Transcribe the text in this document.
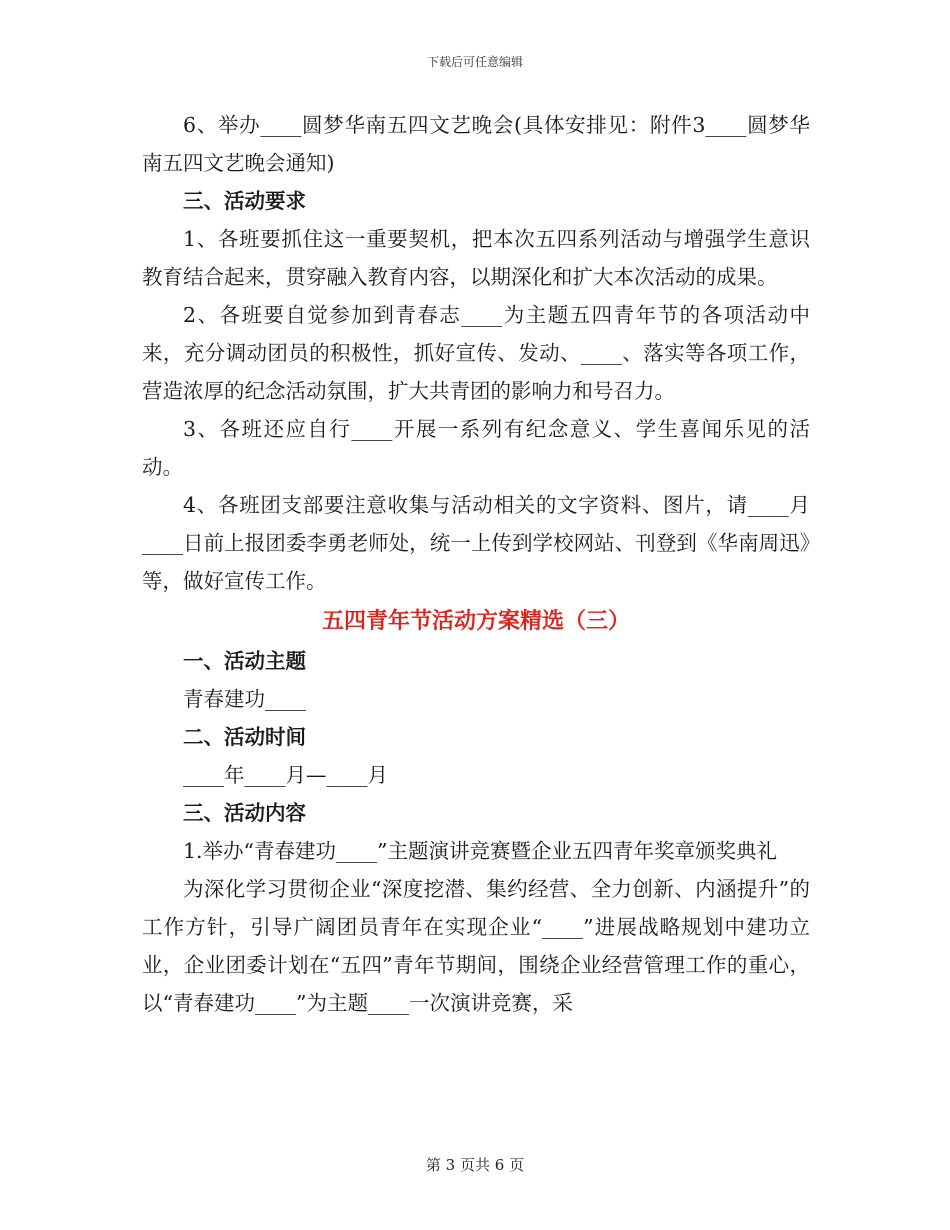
下载后可任意编辑

6、举办____圆梦华南五四文艺晚会(具体安排见：附件3____圆梦华南五四文艺晚会通知)

三、活动要求

1、各班要抓住这一重要契机，把本次五四系列活动与增强学生意识教育结合起来，贯穿融入教育内容，以期深化和扩大本次活动的成果。

2、各班要自觉参加到青春志____为主题五四青年节的各项活动中来，充分调动团员的积极性，抓好宣传、发动、____、落实等各项工作，营造浓厚的纪念活动氛围，扩大共青团的影响力和号召力。

3、各班还应自行____开展一系列有纪念意义、学生喜闻乐见的活动。

4、各班团支部要注意收集与活动相关的文字资料、图片，请____月____日前上报团委李勇老师处，统一上传到学校网站、刊登到《华南周迅》等，做好宣传工作。

五四青年节活动方案精选（三）

一、活动主题

青春建功____

二、活动时间

____年____月—____月

三、活动内容

1.举办“青春建功____”主题演讲竞赛暨企业五四青年奖章颁奖典礼

为深化学习贯彻企业“深度挖潜、集约经营、全力创新、内涵提升”的工作方针，引导广阔团员青年在实现企业“____”进展战略规划中建功立业，企业团委计划在“五四”青年节期间，围绕企业经营管理工作的重心，以“青春建功____”为主题____一次演讲竞赛，采

第 3 页共 6 页
